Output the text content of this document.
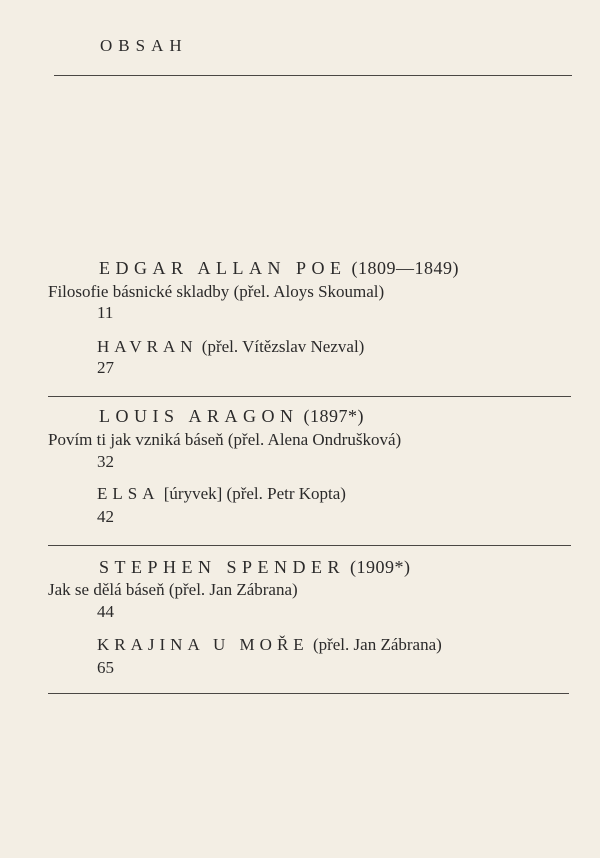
OBSAH
EDGAR ALLAN POE (1809—1849)
Filosofie básnické skladby (přel. Aloys Skoumal)
11
HAVRAN (přel. Vítězslav Nezval)
27
LOUIS ARAGON (1897*)
Povím ti jak vzniká báseň (přel. Alena Ondrušková)
32
ELSA [úryvek] (přel. Petr Kopta)
42
STEPHEN SPENDER (1909*)
Jak se dělá báseň (přel. Jan Zábrana)
44
KRAJINA U MOŘE (přel. Jan Zábrana)
65
